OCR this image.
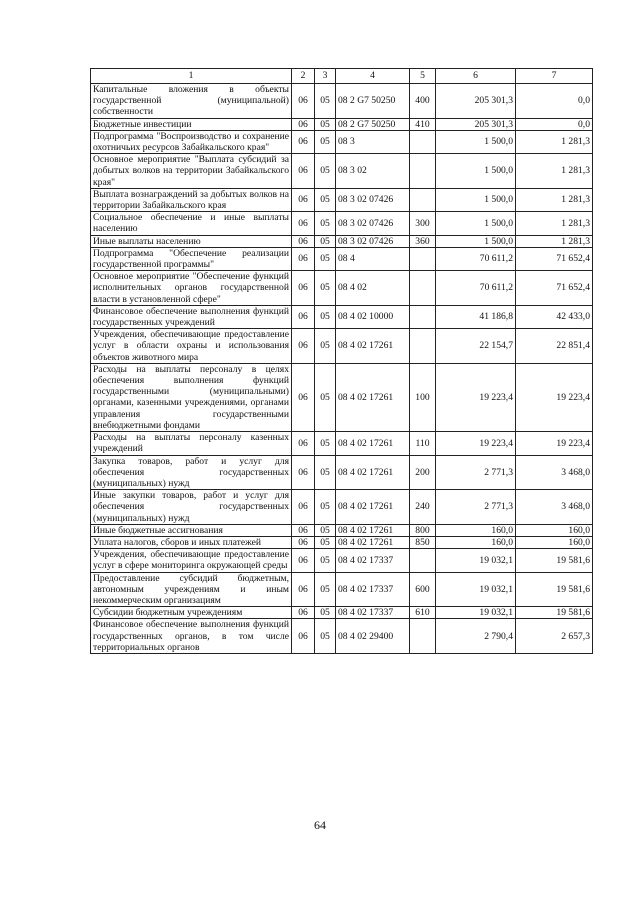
1	2	3	4	5	6	7
Капитальные вложения в объекты государственной (муниципальной) собственности	06	05	08 2 G7 50250	400	205 301,3	0,0
Бюджетные инвестиции	06	05	08 2 G7 50250	410	205 301,3	0,0
Подпрограмма "Воспроизводство и сохранение охотничьих ресурсов Забайкальского края"	06	05	08 3		1 500,0	1 281,3
Основное мероприятие "Выплата субсидий за добытых волков на территории Забайкальского края"	06	05	08 3 02		1 500,0	1 281,3
Выплата вознаграждений за добытых волков на территории Забайкальского края	06	05	08 3 02 07426		1 500,0	1 281,3
Социальное обеспечение и иные выплаты населению	06	05	08 3 02 07426	300	1 500,0	1 281,3
Иные выплаты населению	06	05	08 3 02 07426	360	1 500,0	1 281,3
Подпрограмма "Обеспечение реализации государственной программы"	06	05	08 4		70 611,2	71 652,4
Основное мероприятие "Обеспечение функций исполнительных органов государственной власти в установленной сфере"	06	05	08 4 02		70 611,2	71 652,4
Финансовое обеспечение выполнения функций государственных учреждений	06	05	08 4 02 10000		41 186,8	42 433,0
Учреждения, обеспечивающие предоставление услуг в области охраны и использования объектов животного мира	06	05	08 4 02 17261		22 154,7	22 851,4
Расходы на выплаты персоналу в целях обеспечения выполнения функций государственными (муниципальными) органами, казенными учреждениями, органами управления государственными внебюджетными фондами	06	05	08 4 02 17261	100	19 223,4	19 223,4
Расходы на выплаты персоналу казенных учреждений	06	05	08 4 02 17261	110	19 223,4	19 223,4
Закупка товаров, работ и услуг для обеспечения государственных (муниципальных) нужд	06	05	08 4 02 17261	200	2 771,3	3 468,0
Иные закупки товаров, работ и услуг для обеспечения государственных (муниципальных) нужд	06	05	08 4 02 17261	240	2 771,3	3 468,0
Иные бюджетные ассигнования	06	05	08 4 02 17261	800	160,0	160,0
Уплата налогов, сборов и иных платежей	06	05	08 4 02 17261	850	160,0	160,0
Учреждения, обеспечивающие предоставление услуг в сфере мониторинга окружающей среды	06	05	08 4 02 17337		19 032,1	19 581,6
Предоставление субсидий бюджетным, автономным учреждениям и иным некоммерческим организациям	06	05	08 4 02 17337	600	19 032,1	19 581,6
Субсидии бюджетным учреждениям	06	05	08 4 02 17337	610	19 032,1	19 581,6
Финансовое обеспечение выполнения функций государственных органов, в том числе территориальных органов	06	05	08 4 02 29400		2 790,4	2 657,3
64
